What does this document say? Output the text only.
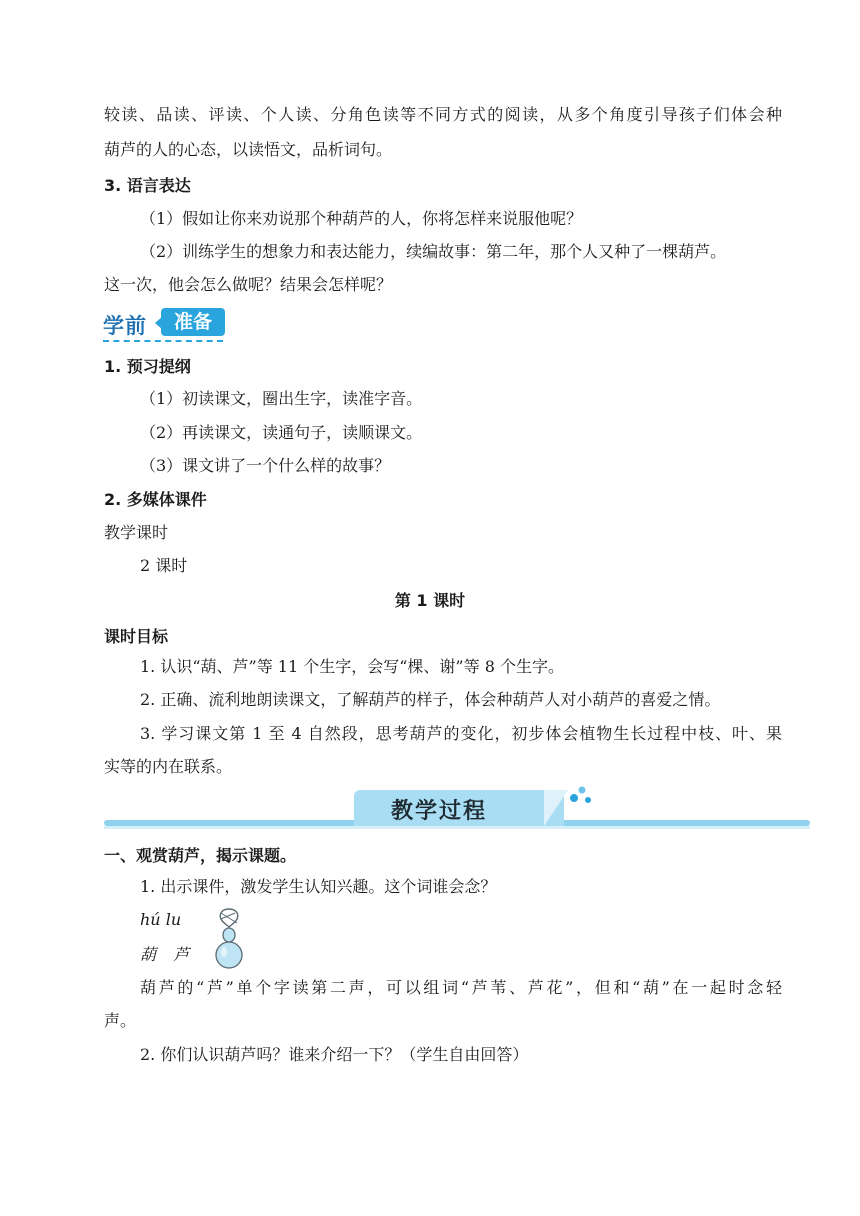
较读、品读、评读、个人读、分角色读等不同方式的阅读，从多个角度引导孩子们体会种
葫芦的人的心态，以读悟文，品析词句。
3. 语言表达
（1）假如让你来劝说那个种葫芦的人，你将怎样来说服他呢？
（2）训练学生的想象力和表达能力，续编故事：第二年，那个人又种了一棵葫芦。
这一次，他会怎么做呢？结果会怎样呢？
学前	准备
1. 预习提纲
（1）初读课文，圈出生字，读准字音。
（2）再读课文，读通句子，读顺课文。
（3）课文讲了一个什么样的故事？
2. 多媒体课件
教学课时
2 课时
第 1 课时
课时目标
1. 认识“葫、芦”等 11 个生字，会写“棵、谢”等 8 个生字。
2. 正确、流利地朗读课文，了解葫芦的样子，体会种葫芦人对小葫芦的喜爱之情。
3. 学习课文第 1 至 4 自然段，思考葫芦的变化，初步体会植物生长过程中枝、叶、果
实等的内在联系。
教学过程
一、观赏葫芦，揭示课题。
1. 出示课件，激发学生认知兴趣。这个词谁会念？
hú lu
葫 芦
葫芦的“芦”单个字读第二声，可以组词“芦苇、芦花”，但和“葫”在一起时念轻
声。
2. 你们认识葫芦吗？谁来介绍一下？（学生自由回答）
